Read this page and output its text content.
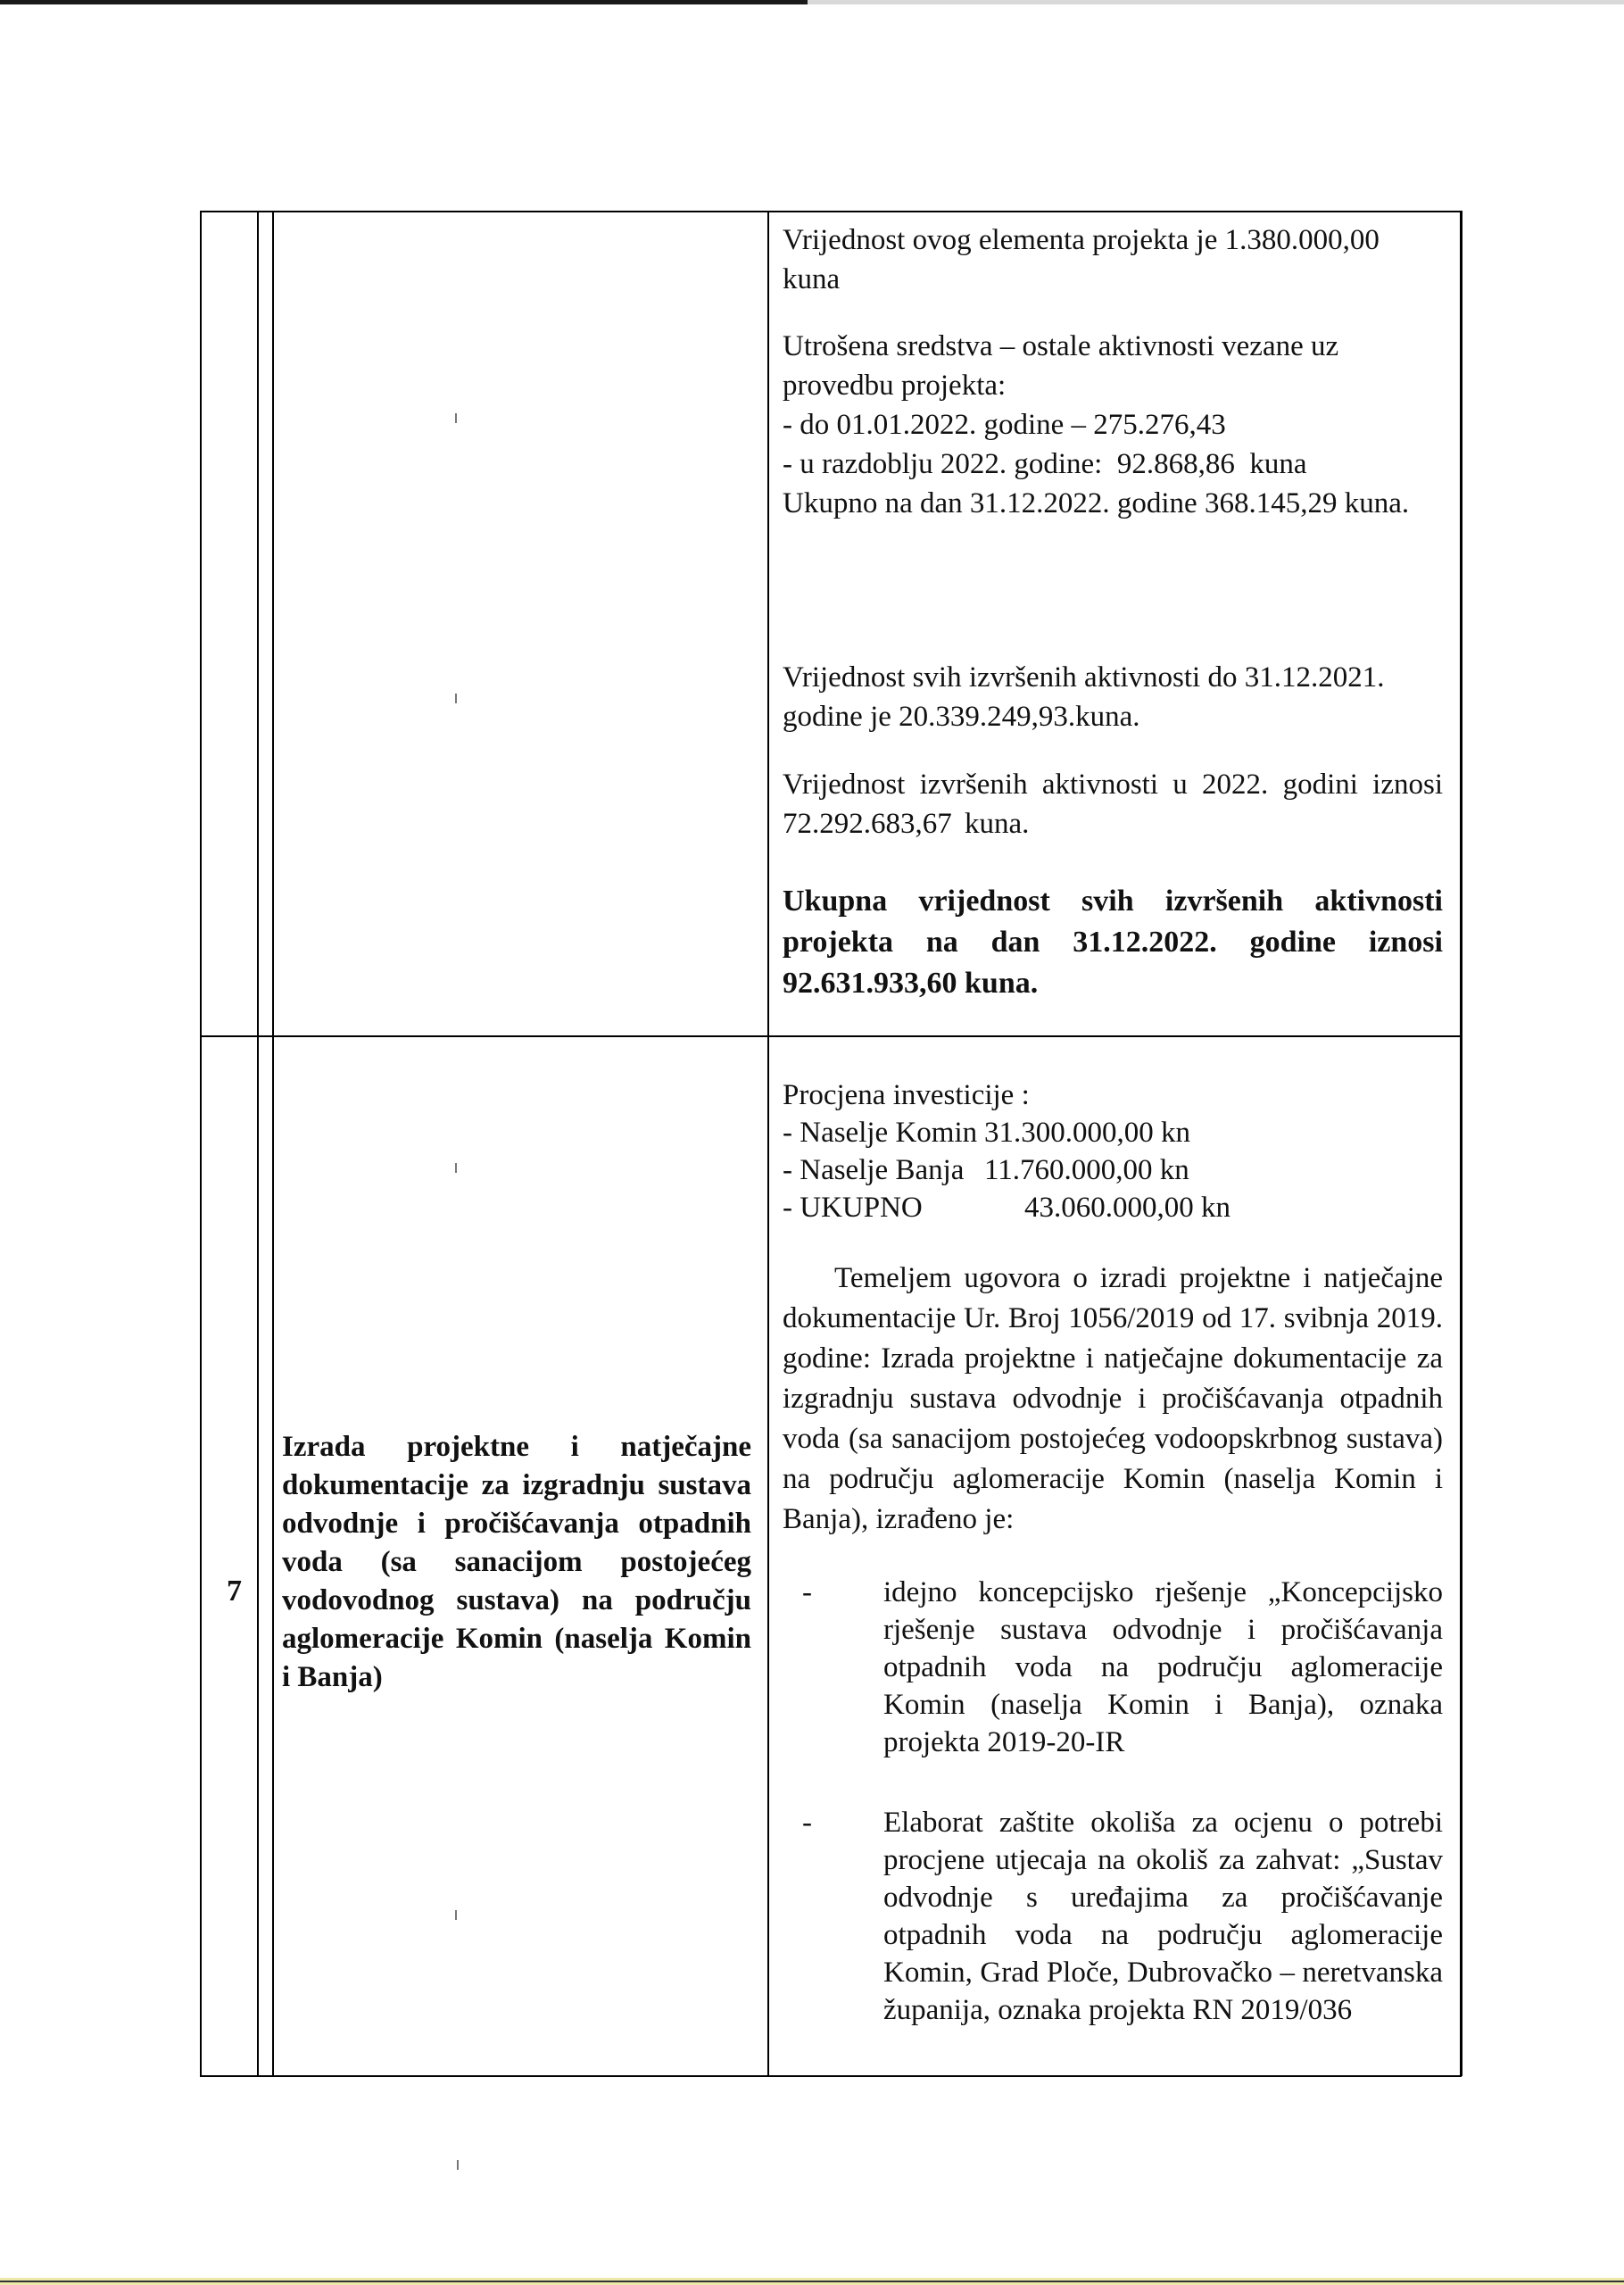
Vrijednost ovog elementa projekta je 1.380.000,00 kuna

Utrošena sredstva – ostale aktivnosti vezane uz provedbu projekta:

- do 01.01.2022. godine – 275.276,43

- u razdoblju 2022. godine:  92.868,86  kuna

Ukupno na dan 31.12.2022. godine 368.145,29 kuna.

Vrijednost svih izvršenih aktivnosti do 31.12.2021. godine je 20.339.249,93.kuna.

Vrijednost izvršenih aktivnosti u 2022. godini iznosi 72.292.683,67 kuna.

Ukupna vrijednost svih izvršenih aktivnosti projekta na dan 31.12.2022. godine iznosi 92.631.933,60 kuna.

7

Izrada projektne i natječajne dokumentacije za izgradnju sustava odvodnje i pročišćavanja otpadnih voda (sa sanacijom postojećeg vodovodnog sustava) na području aglomeracije Komin (naselja Komin i Banja)

Procjena investicije :

- Naselje Komin 31.300.000,00 kn
- Naselje Banja 11.760.000,00 kn
- UKUPNO	43.060.000,00 kn

Temeljem ugovora o izradi projektne i natječajne dokumentacije Ur. Broj 1056/2019 od 17. svibnja 2019. godine: Izrada projektne i natječajne dokumentacije za izgradnju sustava odvodnje i pročišćavanja otpadnih voda (sa sanacijom postojećeg vodoopskrbnog sustava) na području aglomeracije Komin (naselja Komin i Banja), izrađeno je:

- idejno koncepcijsko rješenje „Koncepcijsko rješenje sustava odvodnje i pročišćavanja otpadnih voda na području aglomeracije Komin (naselja Komin i Banja), oznaka projekta 2019-20-IR

- Elaborat zaštite okoliša za ocjenu o potrebi procjene utjecaja na okoliš za zahvat: „Sustav odvodnje s uređajima za pročišćavanje otpadnih voda na području aglomeracije Komin, Grad Ploče, Dubrovačko – neretvanska županija, oznaka projekta RN 2019/036
